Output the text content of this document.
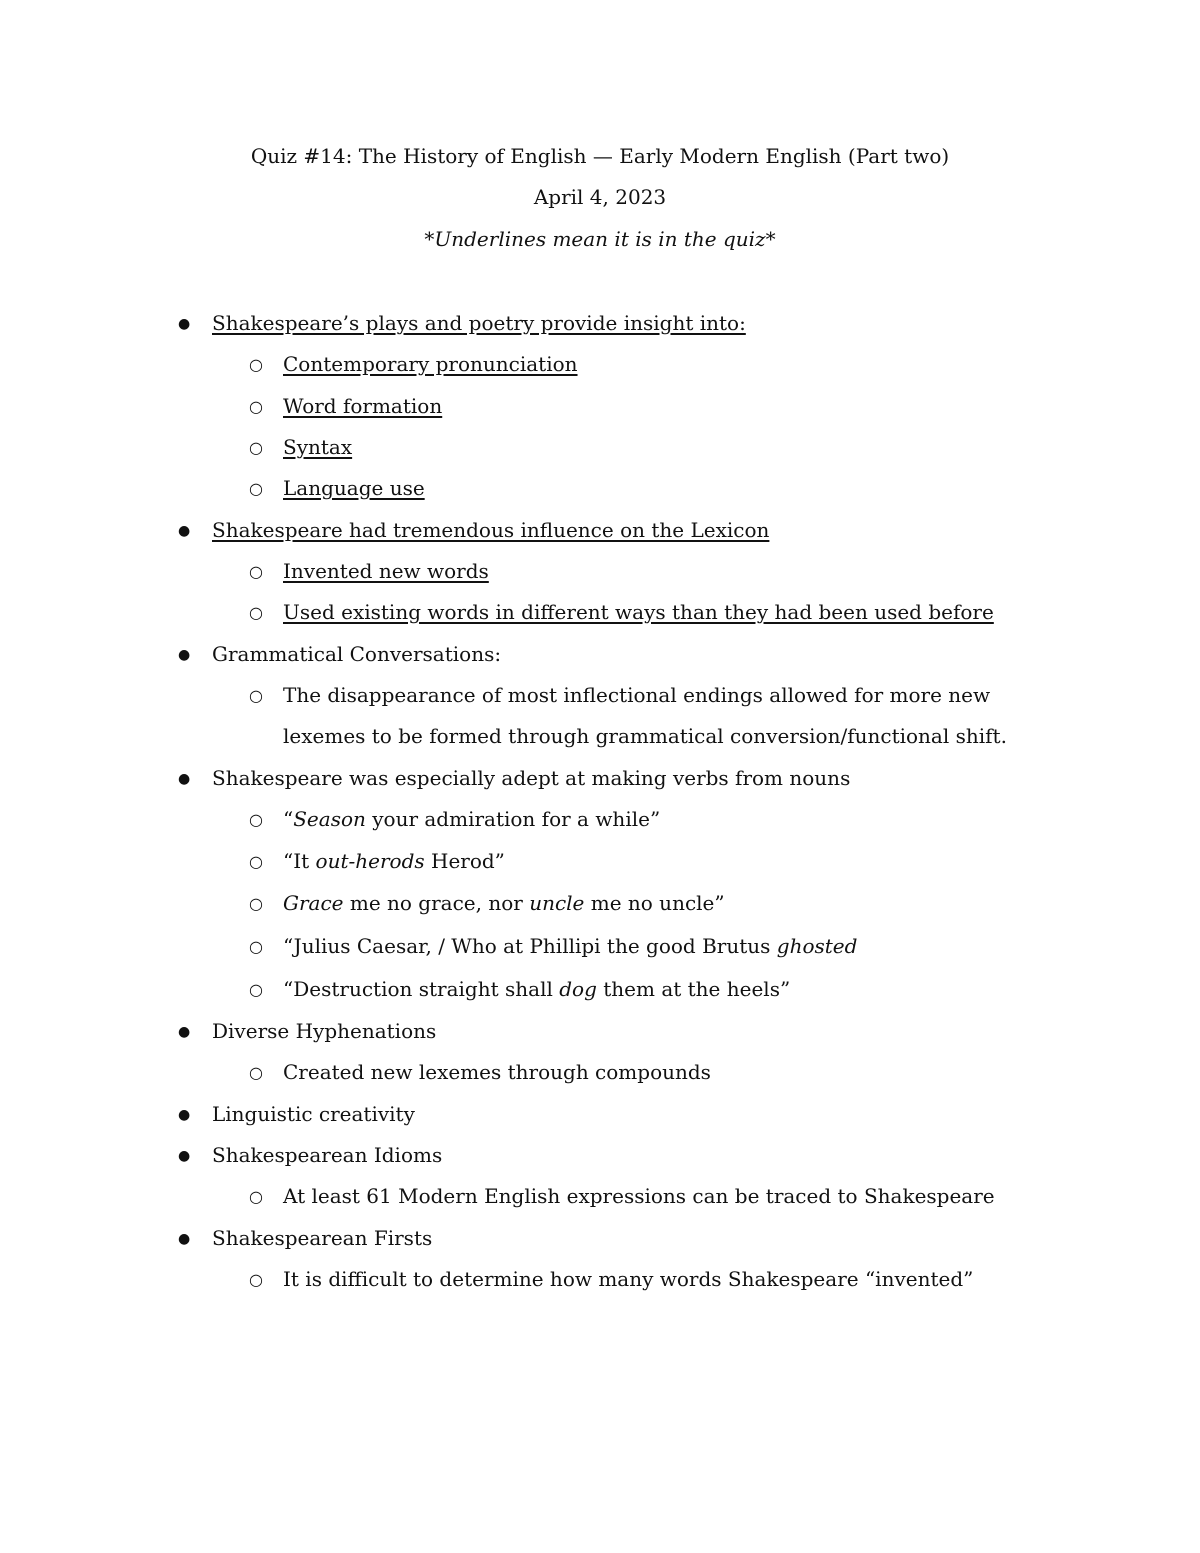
Quiz #14: The History of English — Early Modern English (Part two)
April 4, 2023
*Underlines mean it is in the quiz*
● Shakespeare’s plays and poetry provide insight into:
○ Contemporary pronunciation
○ Word formation
○ Syntax
○ Language use
● Shakespeare had tremendous influence on the Lexicon
○ Invented new words
○ Used existing words in different ways than they had been used before
● Grammatical Conversations:
○ The disappearance of most inflectional endings allowed for more new
lexemes to be formed through grammatical conversion/functional shift.
● Shakespeare was especially adept at making verbs from nouns
○ “Season your admiration for a while”
○ “It out-herods Herod”
○ Grace me no grace, nor uncle me no uncle”
○ “Julius Caesar, / Who at Phillipi the good Brutus ghosted
○ “Destruction straight shall dog them at the heels”
● Diverse Hyphenations
○ Created new lexemes through compounds
● Linguistic creativity
● Shakespearean Idioms
○ At least 61 Modern English expressions can be traced to Shakespeare
● Shakespearean Firsts
○ It is difficult to determine how many words Shakespeare “invented”
